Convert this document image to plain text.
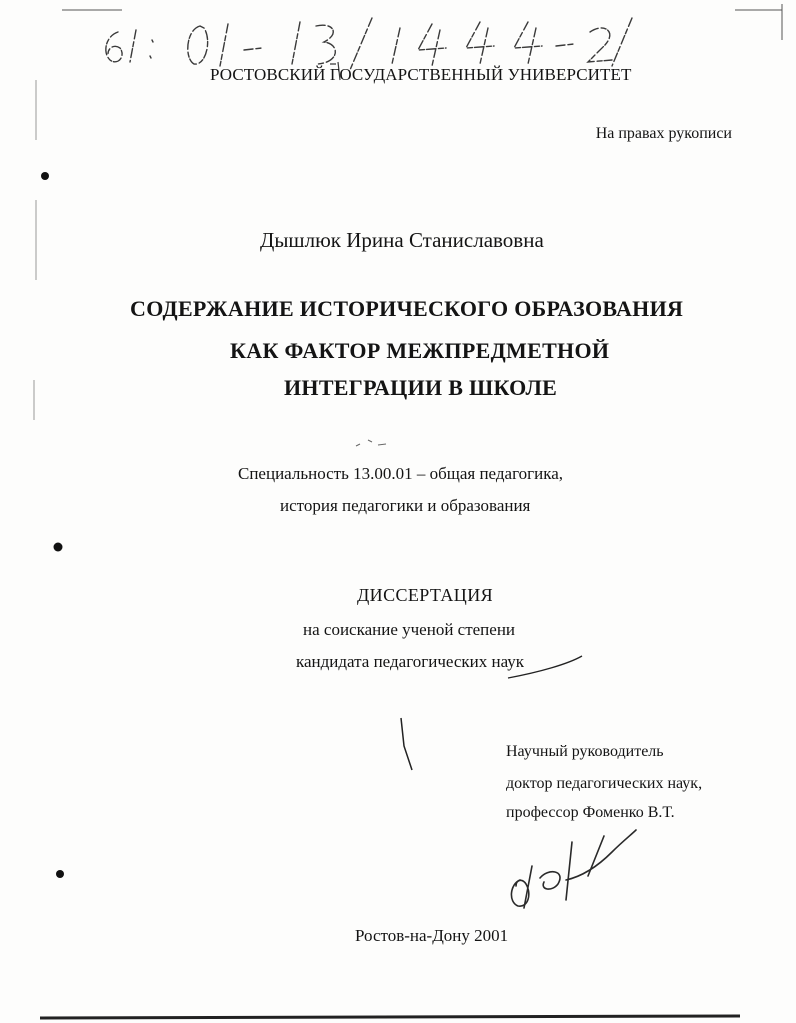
РОСТОВСКИЙ ГОСУДАРСТВЕННЫЙ УНИВЕРСИТЕТ
На правах рукописи
Дышлюк Ирина Станиславовна
СОДЕРЖАНИЕ ИСТОРИЧЕСКОГО ОБРАЗОВАНИЯ
КАК ФАКТОР МЕЖПРЕДМЕТНОЙ
ИНТЕГРАЦИИ В ШКОЛЕ
Специальность 13.00.01 – общая педагогика,
история педагогики и образования
ДИССЕРТАЦИЯ
на соискание ученой степени
кандидата педагогических наук
Научный руководитель
доктор педагогических наук,
профессор Фоменко В.Т.
Ростов-на-Дону 2001
